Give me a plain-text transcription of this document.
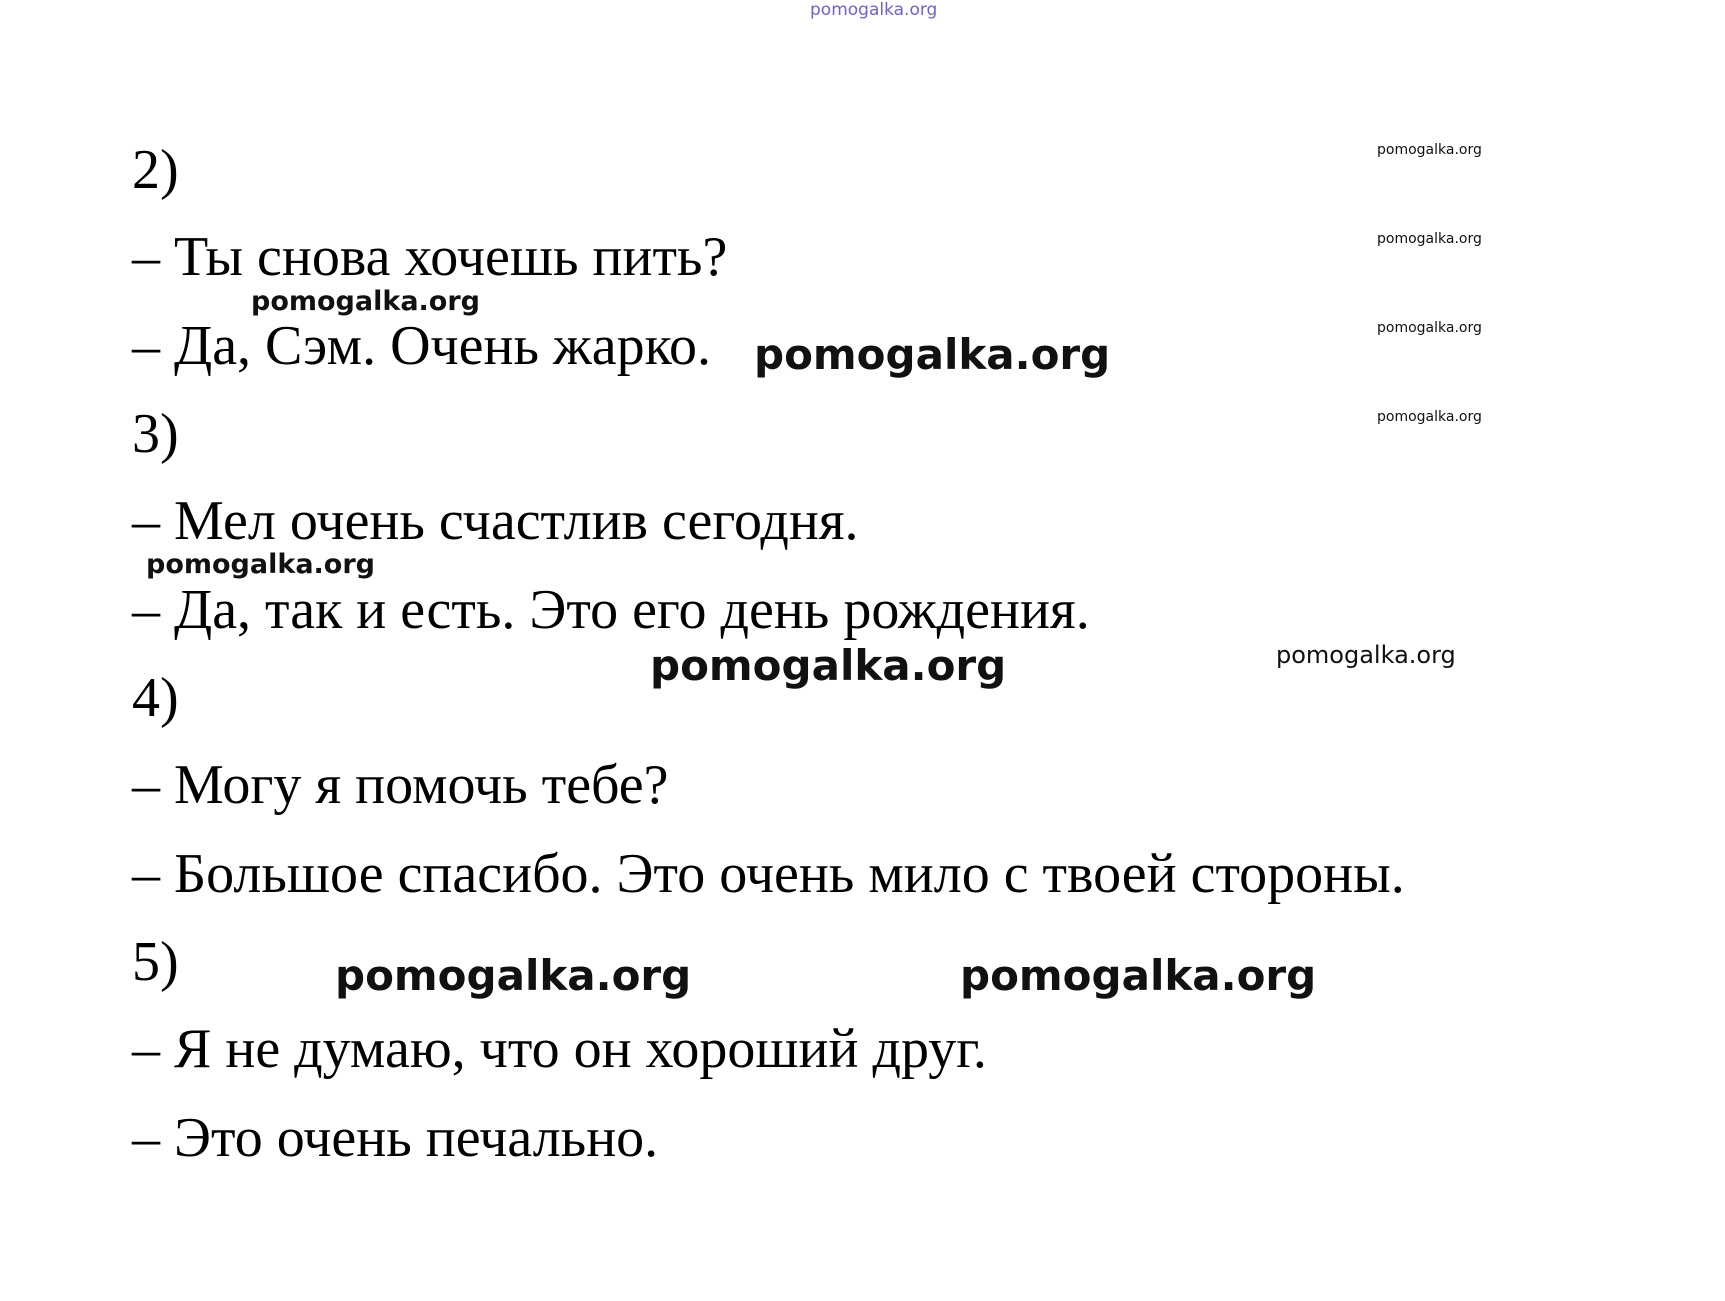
pomogalka.org
pomogalka.org
pomogalka.org
pomogalka.org
pomogalka.org

2)

– Ты снова хочешь пить?

– Да, Сэм. Очень жарко.

3)

– Мел очень счастлив сегодня.

– Да, так и есть. Это его день рождения.

4)

– Могу я помочь тебе?

– Большое спасибо. Это очень мило с твоей стороны.

5)

– Я не думаю, что он хороший друг.

– Это очень печально.

pomogalka.org
pomogalka.org
pomogalka.org
pomogalka.org	pomogalka.org
pomogalka.org	pomogalka.org
